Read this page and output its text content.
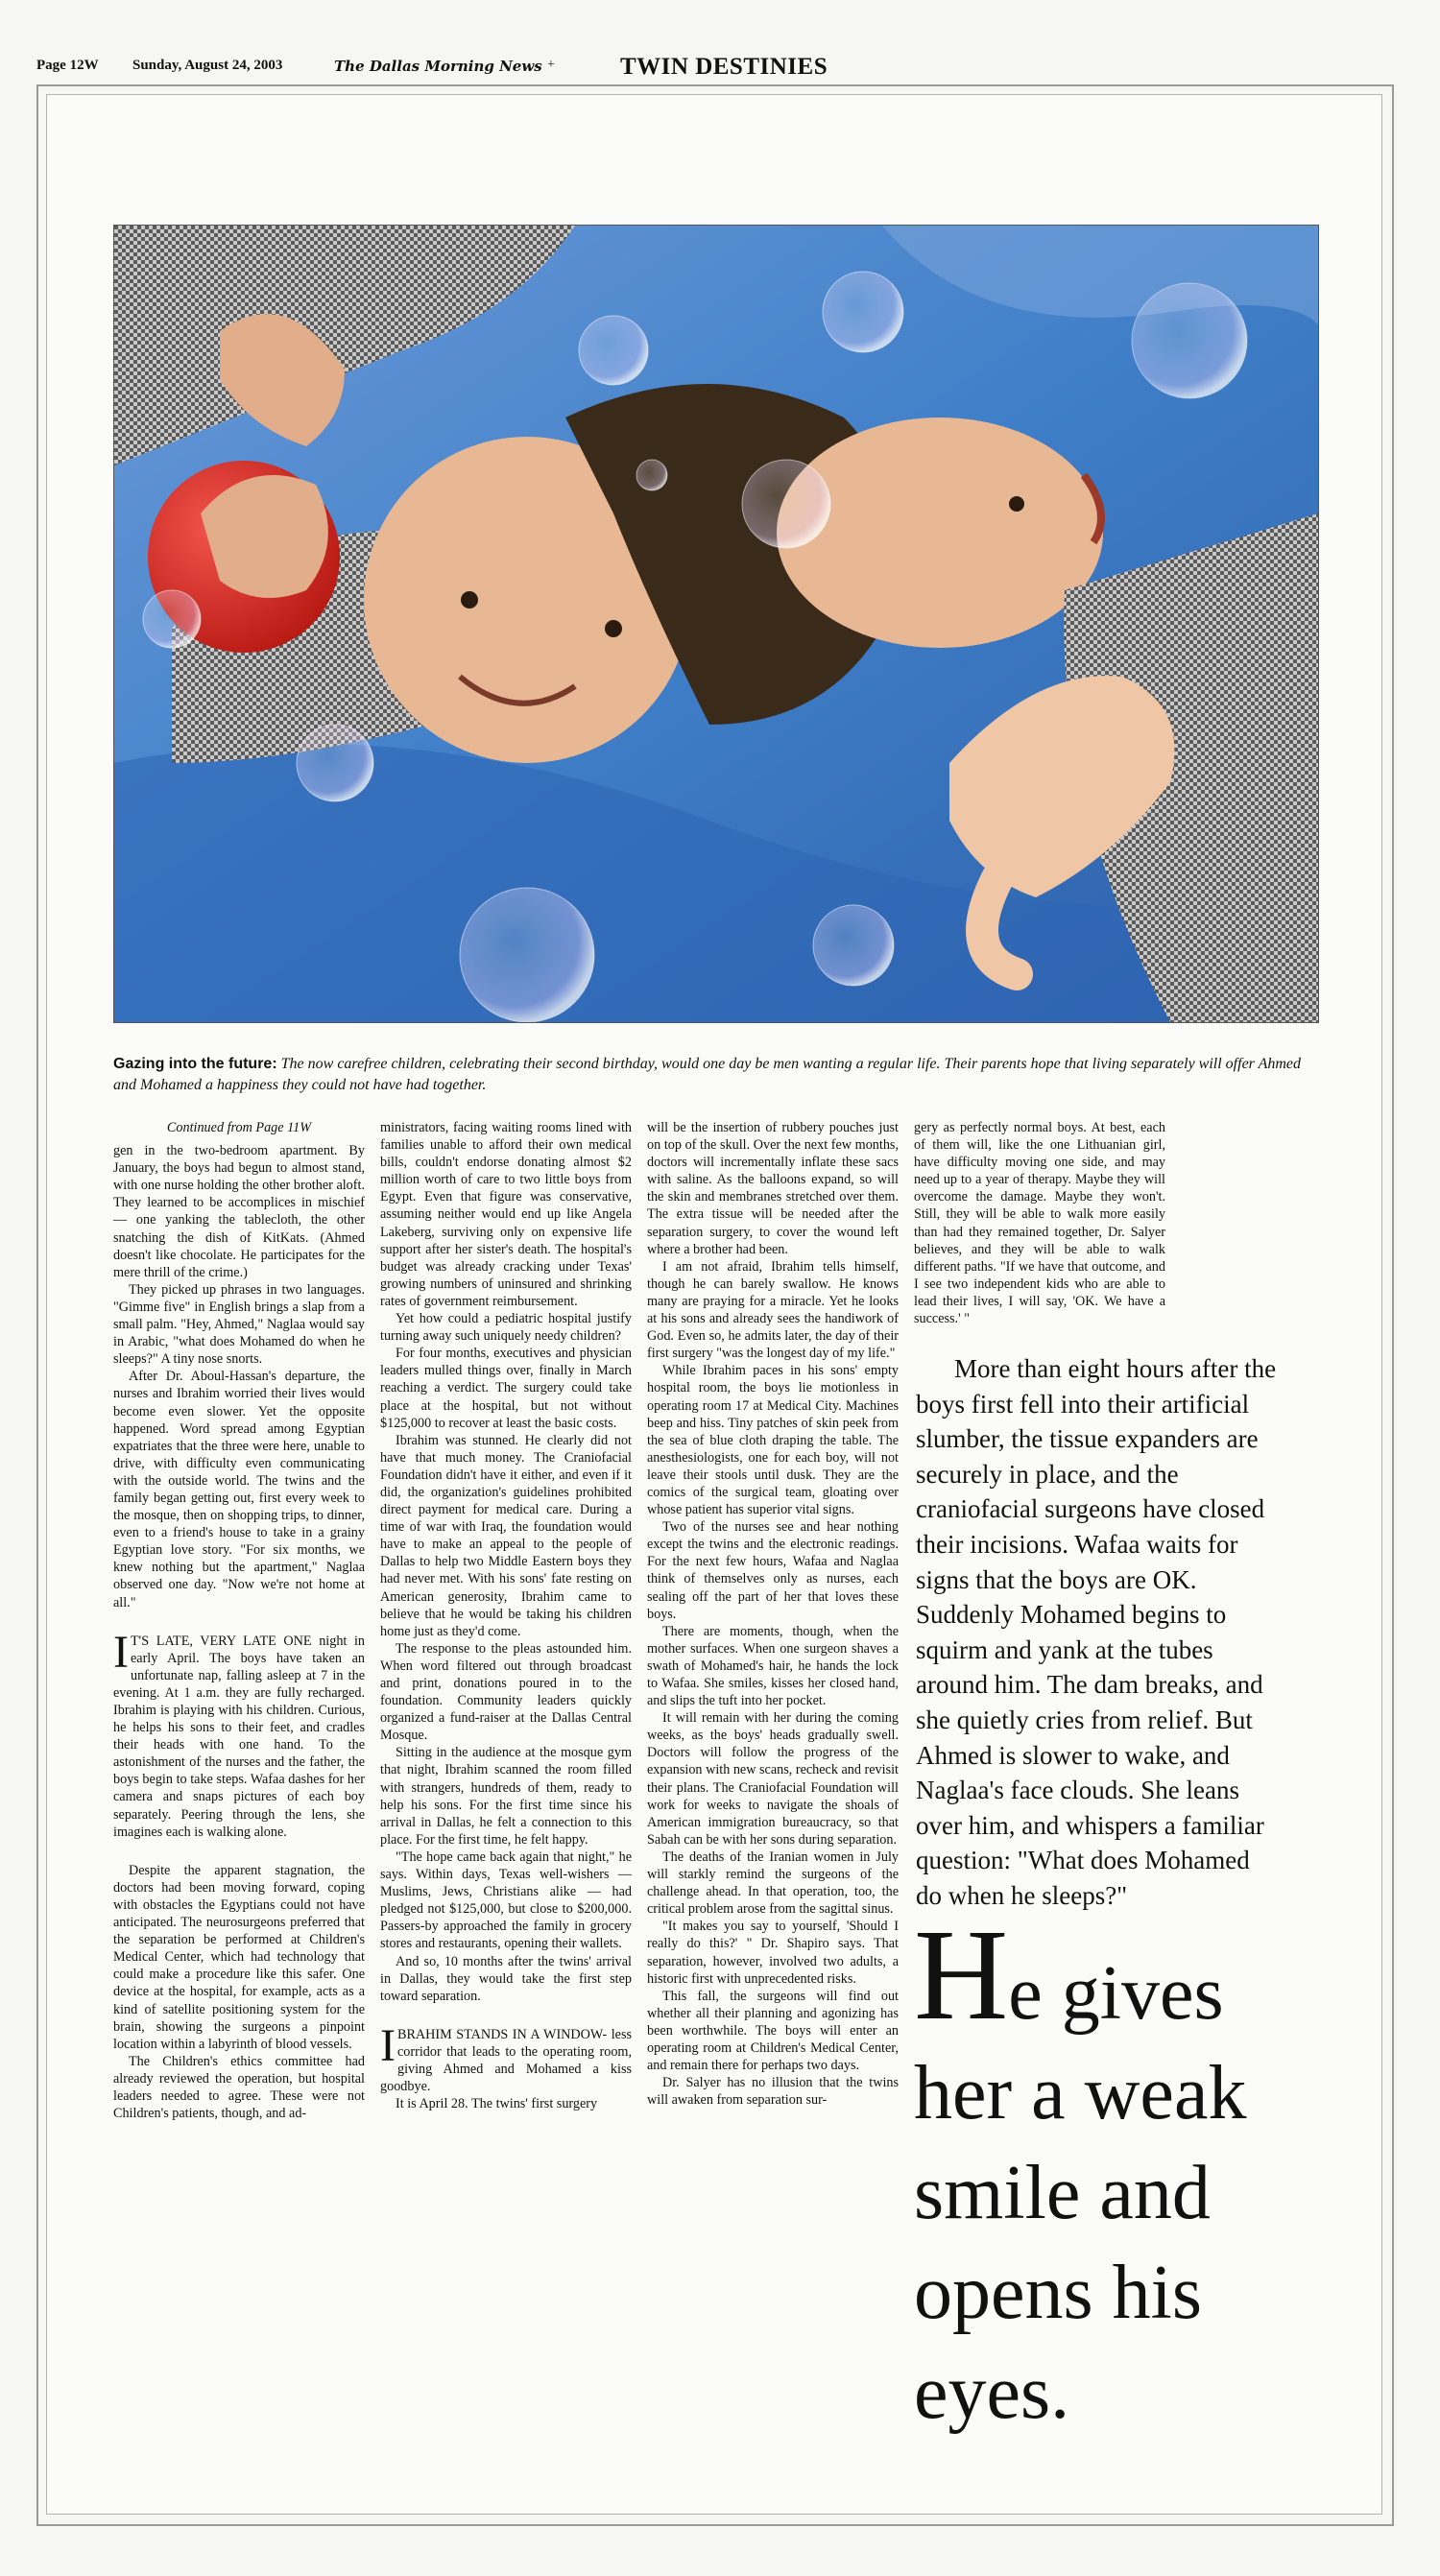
Page 12W Sunday, August 24, 2003	The Dallas Morning News +	TWIN DESTINIES
Gazing into the future: The now carefree children, celebrating their second birthday, would one day be men wanting a regular life. Their parents hope that living separately will offer Ahmed and Mohamed a happiness they could not have had together.

Continued from Page 11W

gen in the two-bedroom apartment. By January, the boys had begun to almost stand, with one nurse holding the other brother aloft. They learned to be accomplices in mischief — one yanking the tablecloth, the other snatching the dish of KitKats. (Ahmed doesn't like chocolate. He participates for the mere thrill of the crime.)

They picked up phrases in two languages. "Gimme five" in English brings a slap from a small palm. "Hey, Ahmed," Naglaa would say in Arabic, "what does Mohamed do when he sleeps?" A tiny nose snorts.

After Dr. Aboul-Hassan's departure, the nurses and Ibrahim worried their lives would become even slower. Yet the opposite happened. Word spread among Egyptian expatriates that the three were here, unable to drive, with difficulty even communicating with the outside world. The twins and the family began getting out, first every week to the mosque, then on shopping trips, to dinner, even to a friend's house to take in a grainy Egyptian love story. "For six months, we knew nothing but the apartment," Naglaa observed one day. "Now we're not home at all."

I T'S LATE, VERY LATE ONE night in early April. The boys have taken an unfortunate nap, falling asleep at 7 in the evening. At 1 a.m. they are fully recharged. Ibrahim is playing with his children. Curious, he helps his sons to their feet, and cradles their heads with one hand. To the astonishment of the nurses and the father, the boys begin to take steps. Wafaa dashes for her camera and snaps pictures of each boy separately. Peering through the lens, she imagines each is walking alone.

Despite the apparent stagnation, the doctors had been moving forward, coping with obstacles the Egyptians could not have anticipated. The neurosurgeons preferred that the separation be performed at Children's Medical Center, which had technology that could make a procedure like this safer. One device at the hospital, for example, acts as a kind of satellite positioning system for the brain, showing the surgeons a pinpoint location within a labyrinth of blood vessels.

The Children's ethics committee had already reviewed the operation, but hospital leaders needed to agree. These were not Children's patients, though, and ad-

ministrators, facing waiting rooms lined with families unable to afford their own medical bills, couldn't endorse donating almost $2 million worth of care to two little boys from Egypt. Even that figure was conservative, assuming neither would end up like Angela Lakeberg, surviving only on expensive life support after her sister's death. The hospital's budget was already cracking under Texas' growing numbers of uninsured and shrinking rates of government reimbursement.

Yet how could a pediatric hospital justify turning away such uniquely needy children?

For four months, executives and physician leaders mulled things over, finally in March reaching a verdict. The surgery could take place at the hospital, but not without $125,000 to recover at least the basic costs.

Ibrahim was stunned. He clearly did not have that much money. The Craniofacial Foundation didn't have it either, and even if it did, the organization's guidelines prohibited direct payment for medical care. During a time of war with Iraq, the foundation would have to make an appeal to the people of Dallas to help two Middle Eastern boys they had never met. With his sons' fate resting on American generosity, Ibrahim came to believe that he would be taking his children home just as they'd come.

The response to the pleas astounded him. When word filtered out through broadcast and print, donations poured in to the foundation. Community leaders quickly organized a fund-raiser at the Dallas Central Mosque.

Sitting in the audience at the mosque gym that night, Ibrahim scanned the room filled with strangers, hundreds of them, ready to help his sons. For the first time since his arrival in Dallas, he felt a connection to this place. For the first time, he felt happy.

"The hope came back again that night," he says. Within days, Texas well-wishers — Muslims, Jews, Christians alike — had pledged not $125,000, but close to $200,000. Passers-by approached the family in grocery stores and restaurants, opening their wallets.

And so, 10 months after the twins' arrival in Dallas, they would take the first step toward separation.

IBRAHIM STANDS IN A WINDOW- less corridor that leads to the operating room, giving Ahmed and Mohamed a kiss goodbye.

It is April 28. The twins' first surgery

will be the insertion of rubbery pouches just on top of the skull. Over the next few months, doctors will incrementally inflate these sacs with saline. As the balloons expand, so will the skin and membranes stretched over them. The extra tissue will be needed after the separation surgery, to cover the wound left where a brother had been.

I am not afraid, Ibrahim tells himself, though he can barely swallow. He knows many are praying for a miracle. Yet he looks at his sons and already sees the handiwork of God. Even so, he admits later, the day of their first surgery "was the longest day of my life."

While Ibrahim paces in his sons' empty hospital room, the boys lie motionless in operating room 17 at Medical City. Machines beep and hiss. Tiny patches of skin peek from the sea of blue cloth draping the table. The anesthesiologists, one for each boy, will not leave their stools until dusk. They are the comics of the surgical team, gloating over whose patient has superior vital signs.

Two of the nurses see and hear nothing except the twins and the electronic readings. For the next few hours, Wafaa and Naglaa think of themselves only as nurses, each sealing off the part of her that loves these boys.

There are moments, though, when the mother surfaces. When one surgeon shaves a swath of Mohamed's hair, he hands the lock to Wafaa. She smiles, kisses her closed hand, and slips the tuft into her pocket.

It will remain with her during the coming weeks, as the boys' heads gradually swell. Doctors will follow the progress of the expansion with new scans, recheck and revisit their plans. The Craniofacial Foundation will work for weeks to navigate the shoals of American immigration bureaucracy, so that Sabah can be with her sons during separation.

The deaths of the Iranian women in July will starkly remind the surgeons of the challenge ahead. In that operation, too, the critical problem arose from the sagittal sinus.

"It makes you say to yourself, 'Should I really do this?' " Dr. Shapiro says. That separation, however, involved two adults, a historic first with unprecedented risks.

This fall, the surgeons will find out whether all their planning and agonizing has been worthwhile. The boys will enter an operating room at Children's Medical Center, and remain there for perhaps two days.

Dr. Salyer has no illusion that the twins will awaken from separation sur-

gery as perfectly normal boys. At best, each of them will, like the one Lithuanian girl, have difficulty moving one side, and may need up to a year of therapy. Maybe they will overcome the damage. Maybe they won't. Still, they will be able to walk more easily than had they remained together, Dr. Salyer believes, and they will be able to walk different paths. "If we have that outcome, and I see two independent kids who are able to lead their lives, I will say, 'OK. We have a success.' "

More than eight hours after the boys first fell into their artificial slumber, the tissue expanders are securely in place, and the craniofacial surgeons have closed their incisions. Wafaa waits for signs that the boys are OK. Suddenly Mohamed begins to squirm and yank at the tubes around him. The dam breaks, and she quietly cries from relief. But Ahmed is slower to wake, and Naglaa's face clouds. She leans over him, and whispers a familiar question: "What does Mohamed do when he sleeps?"

He gives her a weak smile and opens his eyes.
